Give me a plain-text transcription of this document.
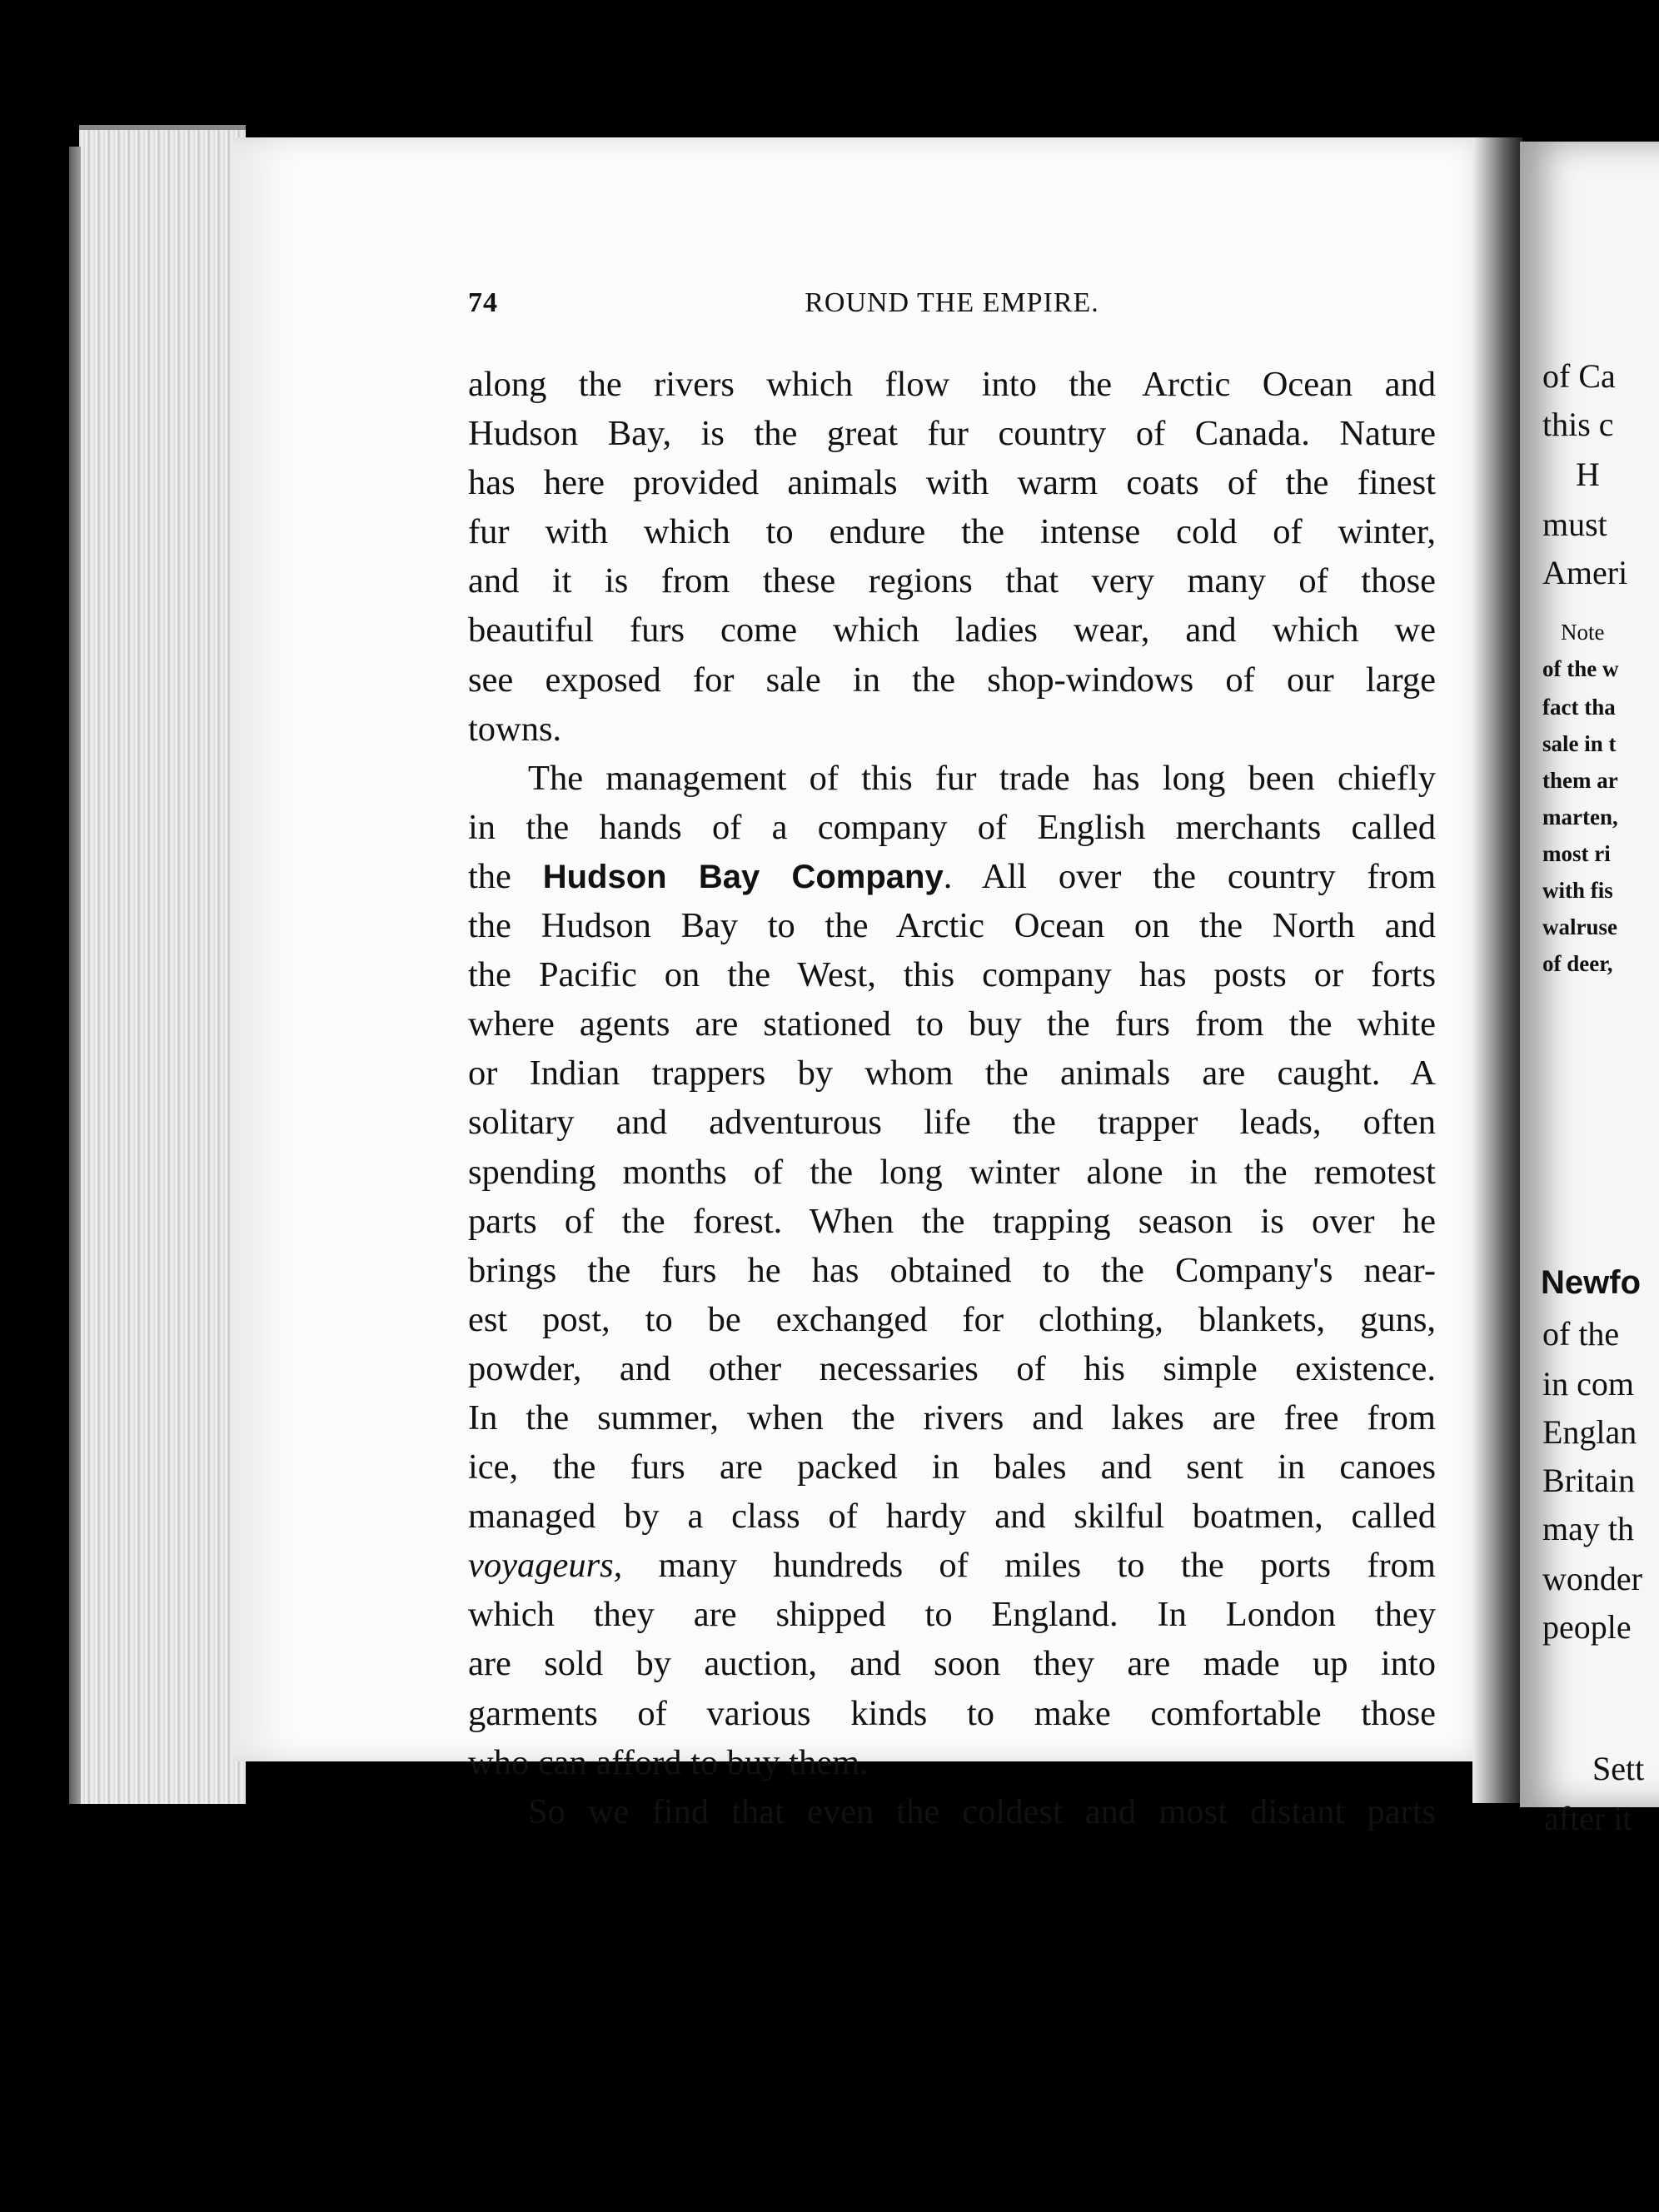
74	ROUND THE EMPIRE.
along the rivers which flow into the Arctic Ocean and
Hudson Bay, is the great fur country of Canada. Nature
has here provided animals with warm coats of the finest
fur with which to endure the intense cold of winter,
and it is from these regions that very many of those
beautiful furs come which ladies wear, and which we
see exposed for sale in the shop-windows of our large
towns.
The management of this fur trade has long been chiefly
in the hands of a company of English merchants called
the Hudson Bay Company. All over the country from
the Hudson Bay to the Arctic Ocean on the North and
the Pacific on the West, this company has posts or forts
where agents are stationed to buy the furs from the white
or Indian trappers by whom the animals are caught. A
solitary and adventurous life the trapper leads, often
spending months of the long winter alone in the remotest
parts of the forest. When the trapping season is over he
brings the furs he has obtained to the Company's near-
est post, to be exchanged for clothing, blankets, guns,
powder, and other necessaries of his simple existence.
In the summer, when the rivers and lakes are free from
ice, the furs are packed in bales and sent in canoes
managed by a class of hardy and skilful boatmen, called
voyageurs, many hundreds of miles to the ports from
which they are shipped to England. In London they
are sold by auction, and soon they are made up into
garments of various kinds to make comfortable those
who can afford to buy them.
So we find that even the coldest and most distant parts
of Ca
this c
H
must
Ameri
Note
of the w
fact tha
sale in t
them ar
marten,
most ri
with fis
walruse
of deer,
Newfo
of the
in com
Englan
Britain
may th
wonder
people
Sett
after it
